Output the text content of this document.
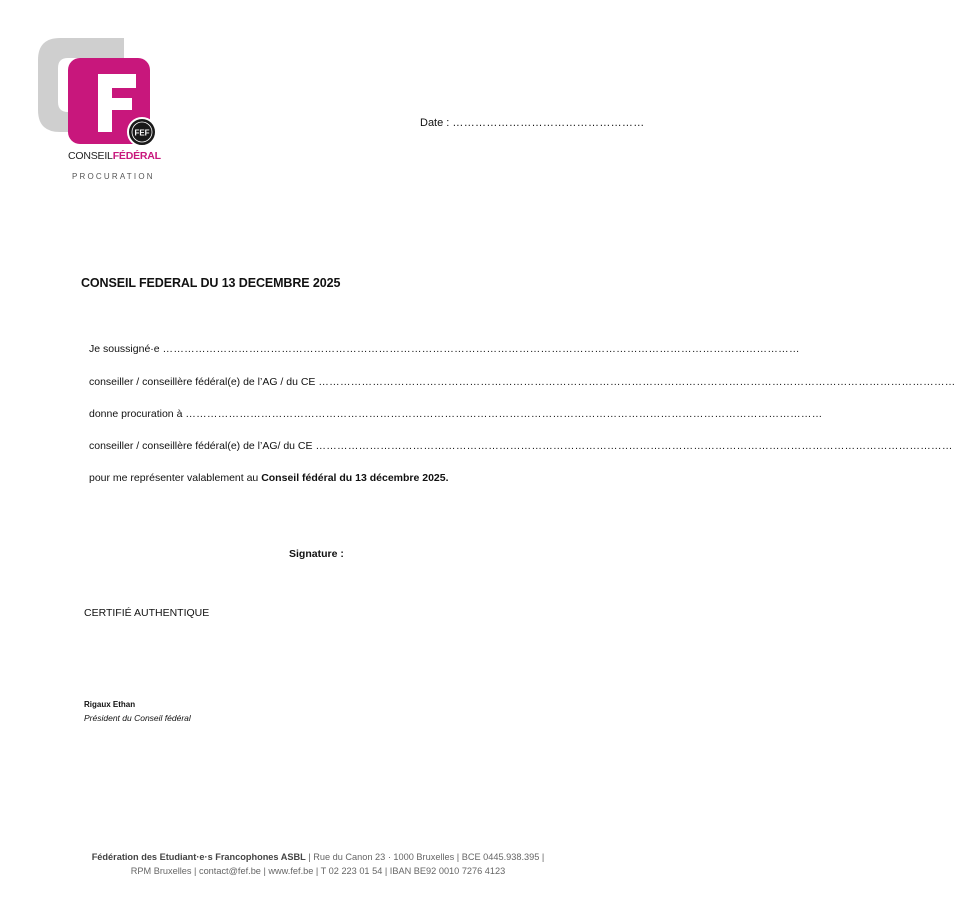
FEF
CONSEILFÉDÉRAL
PROCURATION
Date : ……………………………………………
CONSEIL FEDERAL DU 13 DECEMBRE 2025
Je soussigné·e ……………………………………………………………………………………………………………………………………………………………
conseiller / conseillère fédéral(e) de l’AG / du CE ……………………………………………………………………………………………………………………………………………………………
donne procuration à ……………………………………………………………………………………………………………………………………………………………
conseiller / conseillère fédéral(e) de l’AG/ du CE ……………………………………………………………………………………………………………………………………………………………
pour me représenter valablement au Conseil fédéral du 13 décembre 2025.
Signature :
CERTIFIÉ AUTHENTIQUE
Rigaux Ethan
Président du Conseil fédéral
Fédération des Etudiant·e·s Francophones ASBL | Rue du Canon 23 · 1000 Bruxelles | BCE 0445.938.395 |
RPM Bruxelles | contact@fef.be | www.fef.be | T 02 223 01 54 | IBAN BE92 0010 7276 4123
